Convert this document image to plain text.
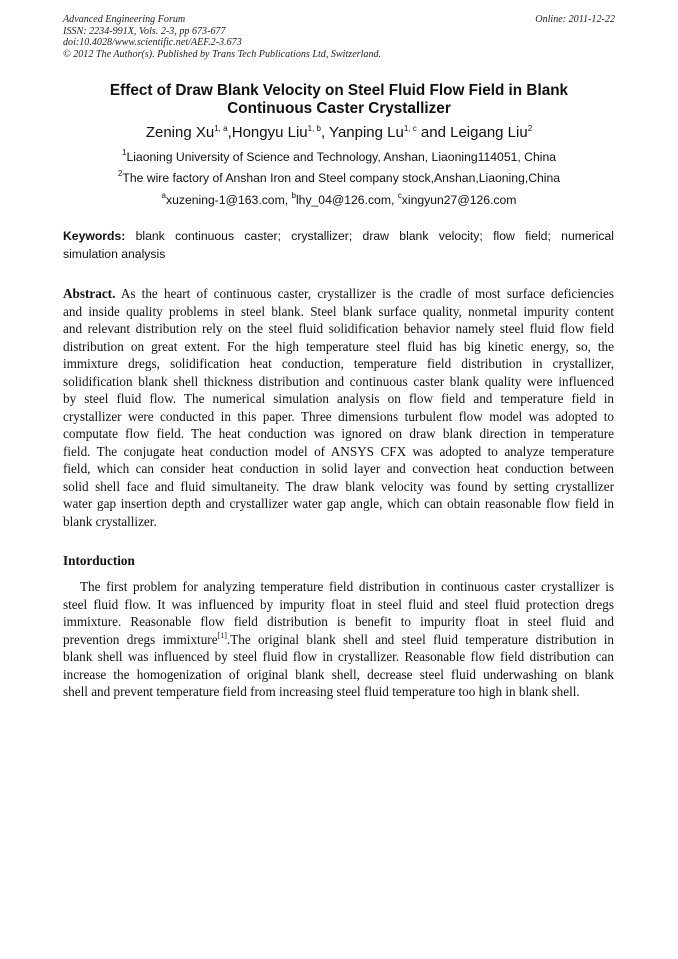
Advanced Engineering Forum
ISSN: 2234-991X, Vols. 2-3, pp 673-677
doi:10.4028/www.scientific.net/AEF.2-3.673
© 2012 The Author(s). Published by Trans Tech Publications Ltd, Switzerland.
Online: 2011-12-22
Effect of Draw Blank Velocity on Steel Fluid Flow Field in Blank
Continuous Caster Crystallizer
Zening Xu$^{1, a}$,Hongyu Liu$^{1, b}$, Yanping Lu$^{1, c}$ and Leigang Liu$^2$
$^1$Liaoning University of Science and Technology, Anshan, Liaoning114051, China
$^2$The wire factory of Anshan Iron and Steel company stock,Anshan,Liaoning,China
$^a$xuzening-1@163.com, $^b$lhy_04@126.com, $^c$xingyun27@126.com
Keywords: blank continuous caster; crystallizer; draw blank velocity; flow field; numerical
simulation analysis
Abstract. As the heart of continuous caster, crystallizer is the cradle of most surface deficiencies
and inside quality problems in steel blank. Steel blank surface quality, nonmetal impurity content
and relevant distribution rely on the steel fluid solidification behavior namely steel fluid flow field
distribution on great extent. For the high temperature steel fluid has big kinetic energy, so, the
immixture dregs, solidification heat conduction, temperature field distribution in crystallizer,
solidification blank shell thickness distribution and continuous caster blank quality were influenced
by steel fluid flow. The numerical simulation analysis on flow field and temperature field in
crystallizer were conducted in this paper. Three dimensions turbulent flow model was adopted to
computate flow field. The heat conduction was ignored on draw blank direction in temperature
field. The conjugate heat conduction model of ANSYS CFX was adopted to analyze temperature
field, which can consider heat conduction in solid layer and convection heat conduction between
solid shell face and fluid simultaneity. The draw blank velocity was found by setting crystallizer
water gap insertion depth and crystallizer water gap angle, which can obtain reasonable flow field in
blank crystallizer.
Intorduction
The first problem for analyzing temperature field distribution in continuous caster crystallizer is
steel fluid flow. It was influenced by impurity float in steel fluid and steel fluid protection dregs
immixture. Reasonable flow field distribution is benefit to impurity float in steel fluid and
prevention dregs immixture[1].The original blank shell and steel fluid temperature distribution in
blank shell was influenced by steel fluid flow in crystallizer. Reasonable flow field distribution can
increase the homogenization of original blank shell, decrease steel fluid underwashing on blank
shell and prevent temperature field from increasing steel fluid temperature too high in blank shell.
